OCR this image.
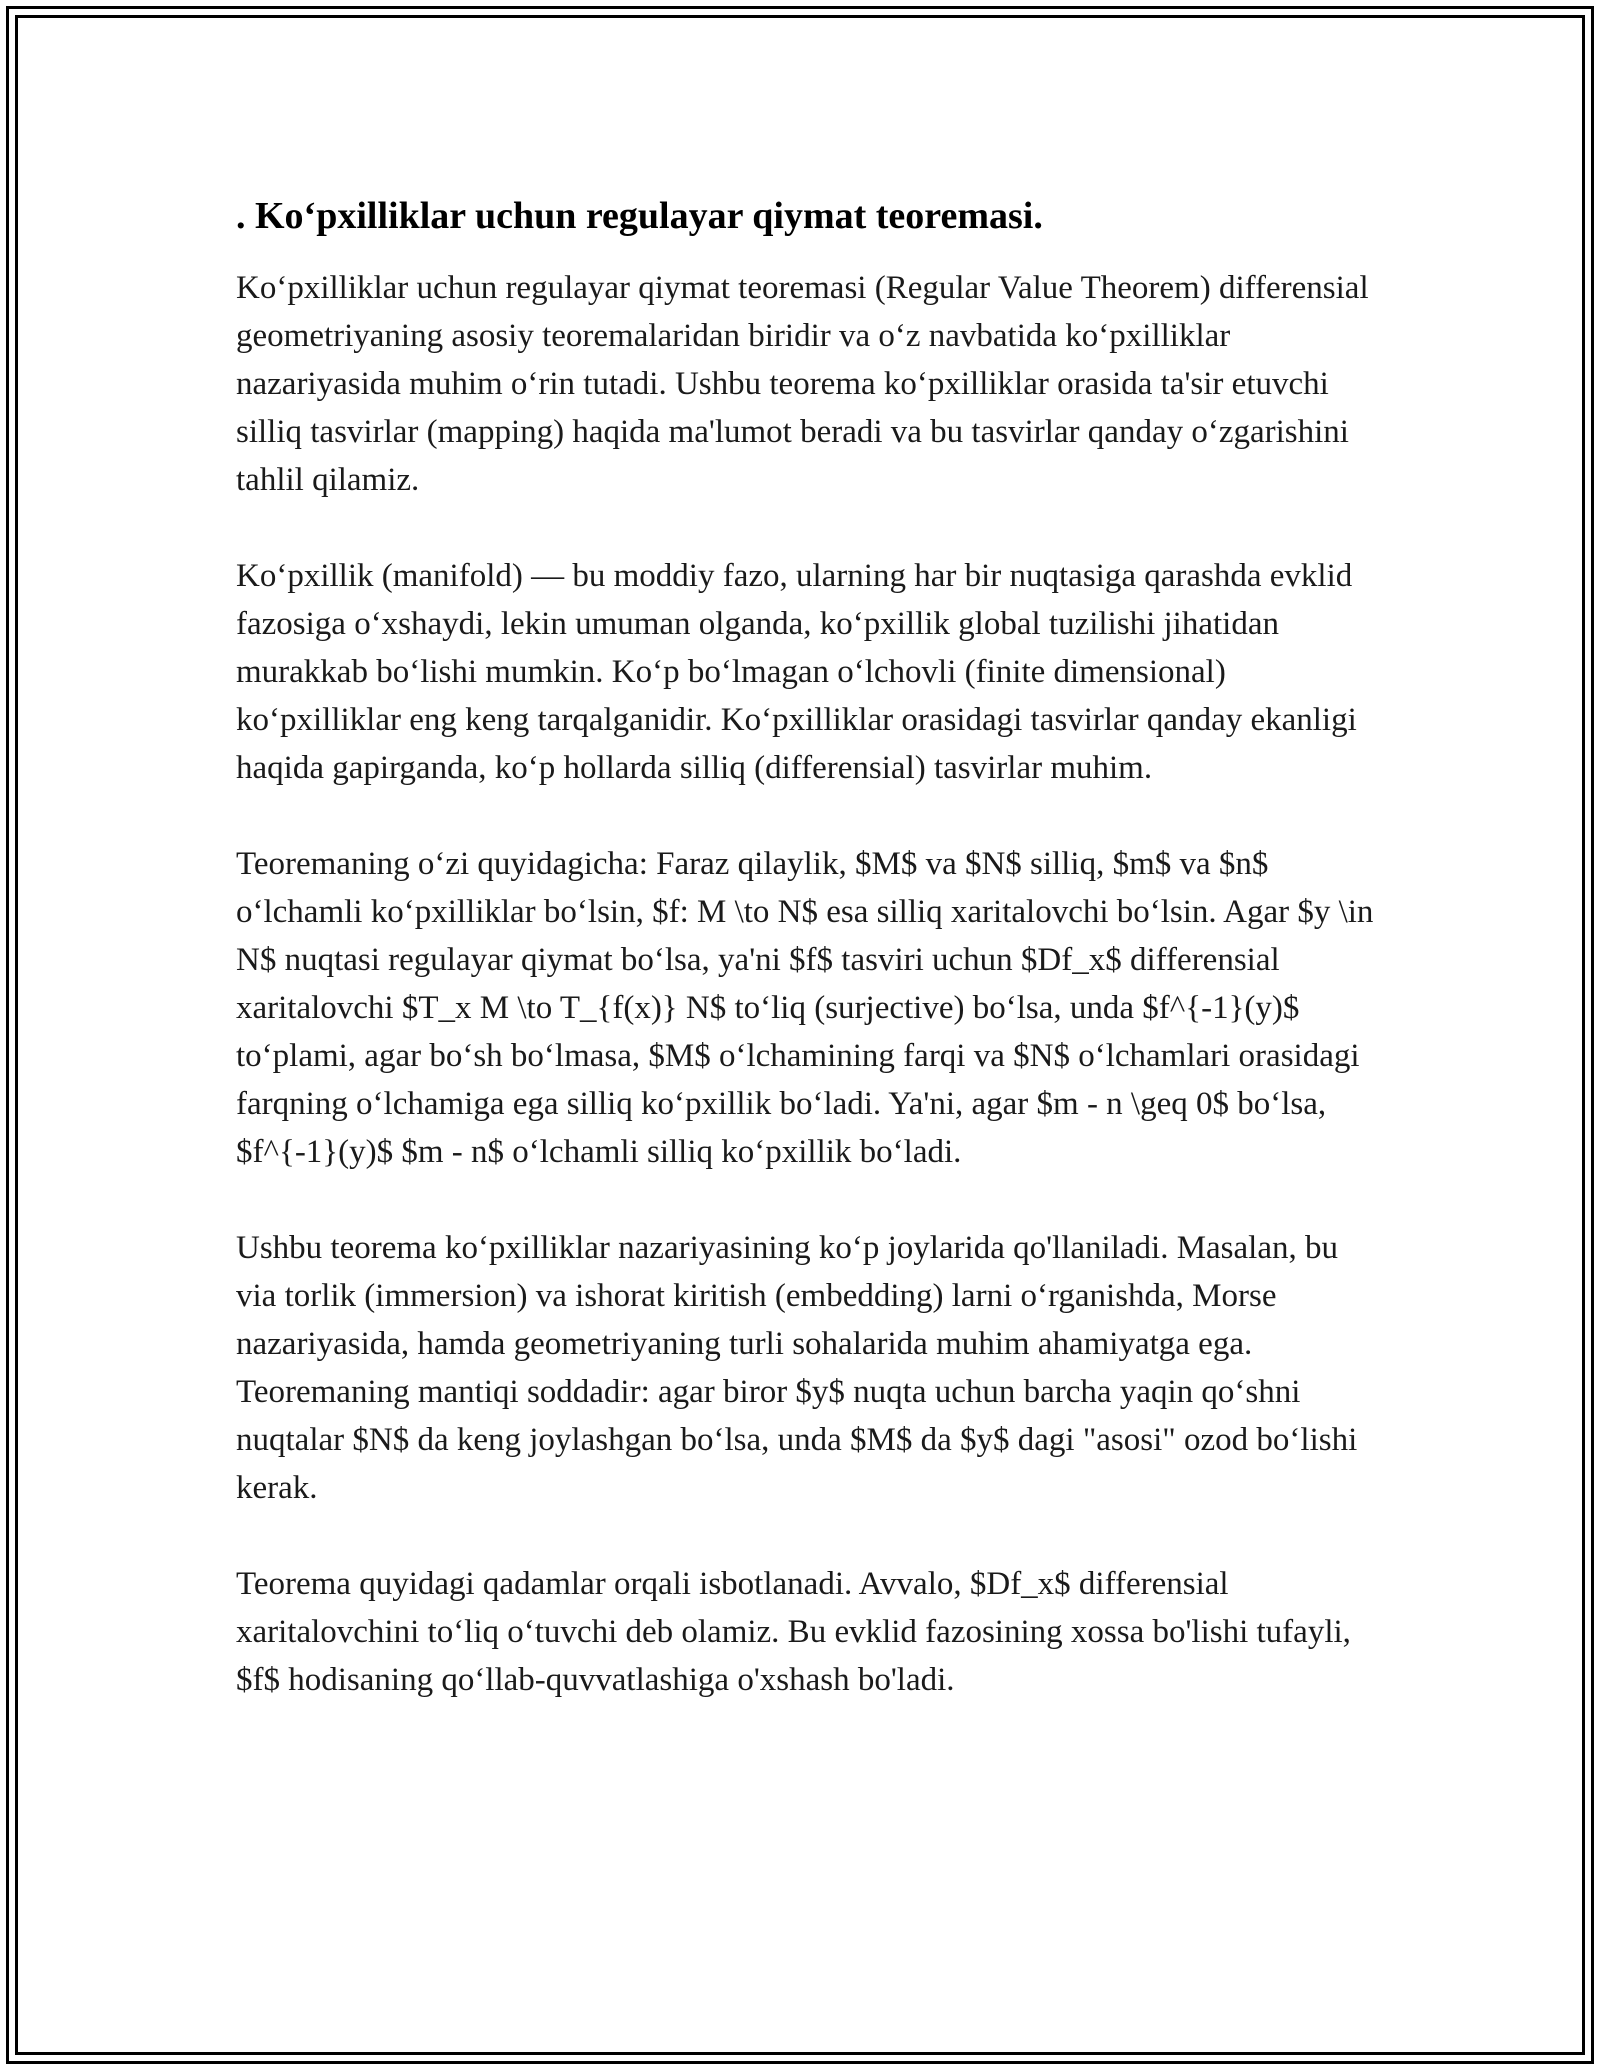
. Ko‘pxilliklar uchun regulayar qiymat teoremasi.

Ko‘pxilliklar uchun regulayar qiymat teoremasi (Regular Value Theorem) differensial geometriyaning asosiy teoremalaridan biridir va o‘z navbatida ko‘pxilliklar nazariyasida muhim o‘rin tutadi. Ushbu teorema ko‘pxilliklar orasida ta'sir etuvchi silliq tasvirlar (mapping) haqida ma'lumot beradi va bu tasvirlar qanday o‘zgarishini tahlil qilamiz.

Ko‘pxillik (manifold) — bu moddiy fazo, ularning har bir nuqtasiga qarashda evklid fazosiga o‘xshaydi, lekin umuman olganda, ko‘pxillik global tuzilishi jihatidan murakkab bo‘lishi mumkin. Ko‘p bo‘lmagan o‘lchovli (finite dimensional) ko‘pxilliklar eng keng tarqalganidir. Ko‘pxilliklar orasidagi tasvirlar qanday ekanligi haqida gapirganda, ko‘p hollarda silliq (differensial) tasvirlar muhim.

Teoremaning o‘zi quyidagicha: Faraz qilaylik, $M$ va $N$ silliq, $m$ va $n$ o‘lchamli ko‘pxilliklar bo‘lsin, $f: M \to N$ esa silliq xaritalovchi bo‘lsin. Agar $y \in N$ nuqtasi regulayar qiymat bo‘lsa, ya'ni $f$ tasviri uchun $Df_x$ differensial xaritalovchi $T_x M \to T_{f(x)} N$ to‘liq (surjective) bo‘lsa, unda $f^{-1}(y)$ to‘plami, agar bo‘sh bo‘lmasa, $M$ o‘lchamining farqi va $N$ o‘lchamlari orasidagi farqning o‘lchamiga ega silliq ko‘pxillik bo‘ladi. Ya'ni, agar $m - n \geq 0$ bo‘lsa, $f^{-1}(y)$ $m - n$ o‘lchamli silliq ko‘pxillik bo‘ladi.

Ushbu teorema ko‘pxilliklar nazariyasining ko‘p joylarida qo'llaniladi. Masalan, bu via torlik (immersion) va ishorat kiritish (embedding) larni o‘rganishda, Morse nazariyasida, hamda geometriyaning turli sohalarida muhim ahamiyatga ega. Teoremaning mantiqi soddadir: agar biror $y$ nuqta uchun barcha yaqin qo‘shni nuqtalar $N$ da keng joylashgan bo‘lsa, unda $M$ da $y$ dagi "asosi" ozod bo‘lishi kerak.

Teorema quyidagi qadamlar orqali isbotlanadi. Avvalo, $Df_x$ differensial xaritalovchini to‘liq o‘tuvchi deb olamiz. Bu evklid fazosining xossa bo'lishi tufayli, $f$ hodisaning qo‘llab-quvvatlashiga o'xshash bo'ladi.
